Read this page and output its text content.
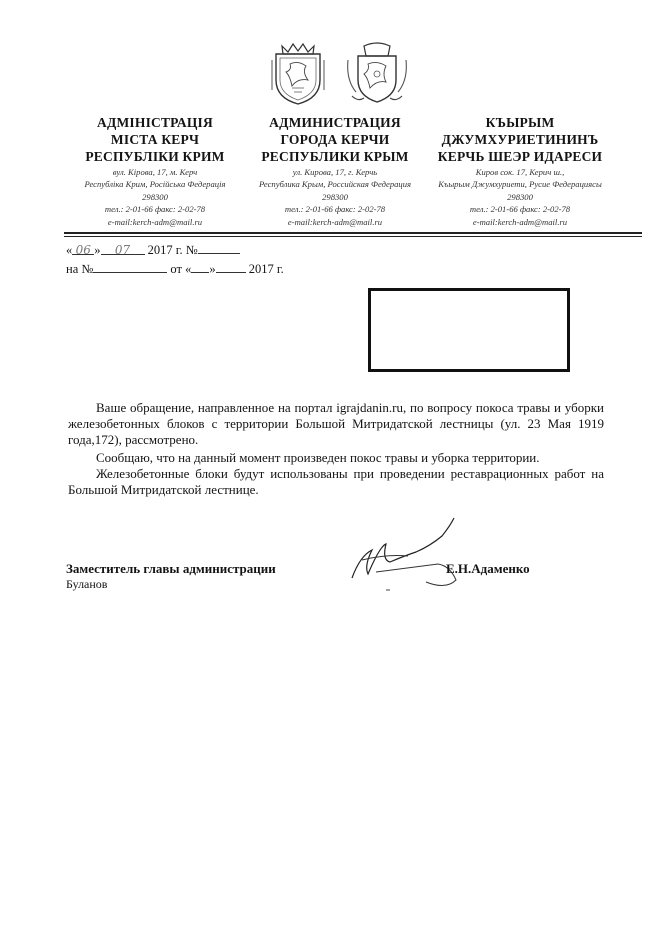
АДМІНІСТРАЦІЯ
МІСТА КЕРЧ
РЕСПУБЛІКИ КРИМ
вул. Кірова, 17, м. Керч
Республіка Крим, Російська Федерація
298300
тел.: 2-01-66 факс: 2-02-78
e-mail:kerch-adm@mail.ru
АДМИНИСТРАЦИЯ
ГОРОДА КЕРЧИ
РЕСПУБЛИКИ КРЫМ
ул. Кирова, 17, г. Керчь
Республика Крым, Российская Федерация
298300
тел.: 2-01-66 факс: 2-02-78
e-mail:kerch-adm@mail.ru
КЪЫРЫМ
ДЖУМХУРИЕТИНИНЪ
КЕРЧЬ ШЕЭР ИДАРЕСИ
Киров сок. 17, Керич ш.,
Къырым Джумхуриети, Русие Федерациясы
298300
тел.: 2-01-66 факс: 2-02-78
e-mail:kerch-adm@mail.ru
« 06 » 07 2017 г. №
на №	от « »	2017 г.

Ваше обращение, направленное на портал igrajdanin.ru, по вопросу покоса травы и уборки железобетонных блоков с территории Большой Митридатской лестницы (ул. 23 Мая 1919 года,172), рассмотрено.

Сообщаю, что на данный момент произведен покос травы и уборка территории.

Железобетонные блоки будут использованы при проведении реставрационных работ на Большой Митридатской лестнице.

Заместитель главы администрации	Е.Н.Адаменко
Буланов
